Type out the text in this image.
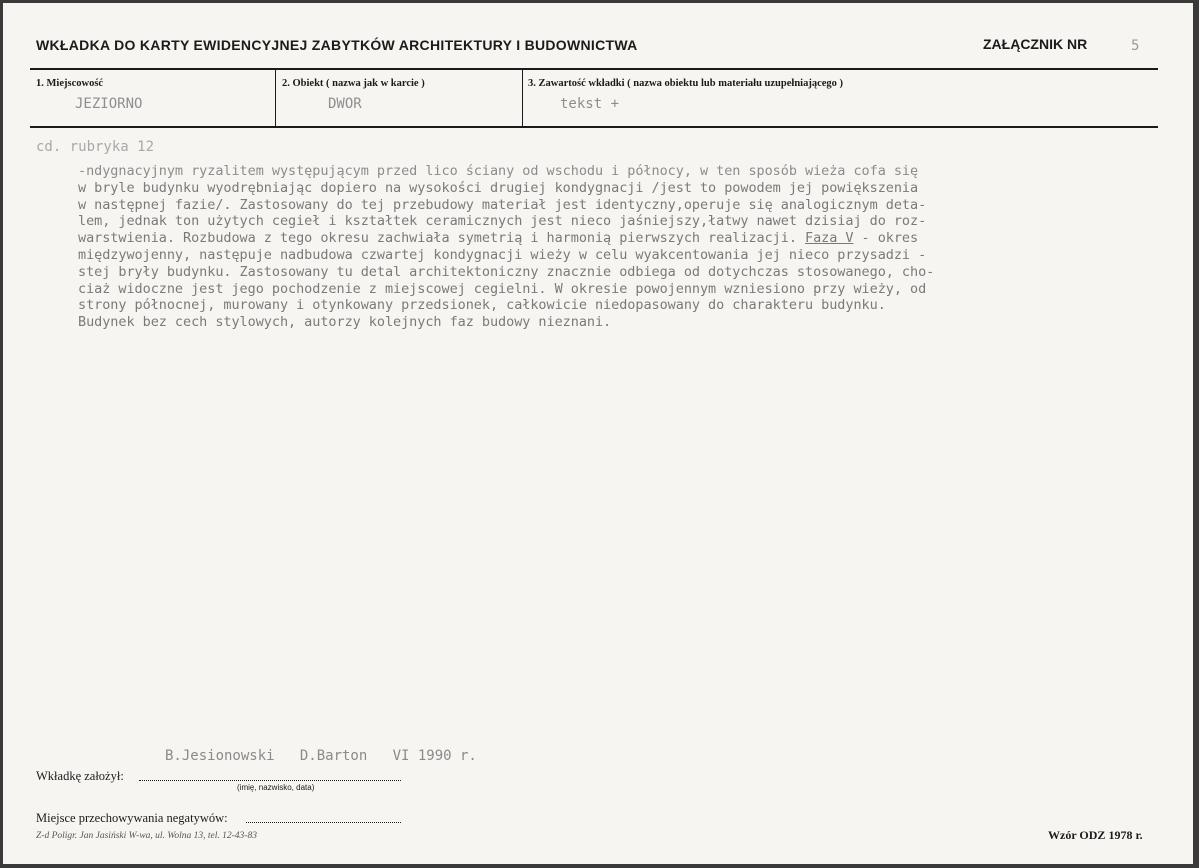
WKŁADKA DO KARTY EWIDENCYJNEJ ZABYTKÓW ARCHITEKTURY I BUDOWNICTWA	ZAŁĄCZNIK NR	5
1. Miejscowość
JEZIORNO
2. Obiekt ( nazwa jak w karcie )
DWOR
3. Zawartość wkładki ( nazwa obiektu lub materiału uzupełniającego )
tekst +
cd. rubryka 12
-ndygnacyjnym ryzalitem występującym przed lico ściany od wschodu i północy, w ten sposób wieża cofa się
w bryle budynku wyodrębniając dopiero na wysokości drugiej kondygnacji /jest to powodem jej powiększenia
w następnej fazie/. Zastosowany do tej przebudowy materiał jest identyczny,operuje się analogicznym deta-
lem, jednak ton użytych cegieł i kształtek ceramicznych jest nieco jaśniejszy,łatwy nawet dzisiaj do roz-
warstwienia. Rozbudowa z tego okresu zachwiała symetrią i harmonią pierwszych realizacji. Faza V - okres
międzywojenny, następuje nadbudowa czwartej kondygnacji wieży w celu wyakcentowania jej nieco przysadzi -
stej bryły budynku. Zastosowany tu detal architektoniczny znacznie odbiega od dotychczas stosowanego, cho-
ciaż widoczne jest jego pochodzenie z miejscowej cegielni. W okresie powojennym wzniesiono przy wieży, od
strony północnej, murowany i otynkowany przedsionek, całkowicie niedopasowany do charakteru budynku.
Budynek bez cech stylowych, autorzy kolejnych faz budowy nieznani.
B.Jesionowski   D.Barton   VI 1990 r.
Wkładkę założył:
(imię, nazwisko, data)
Miejsce przechowywania negatywów:
Z-d Poligr. Jan Jasiński W-wa, ul. Wolna 13, tel. 12-43-83	Wzór ODZ 1978 r.
